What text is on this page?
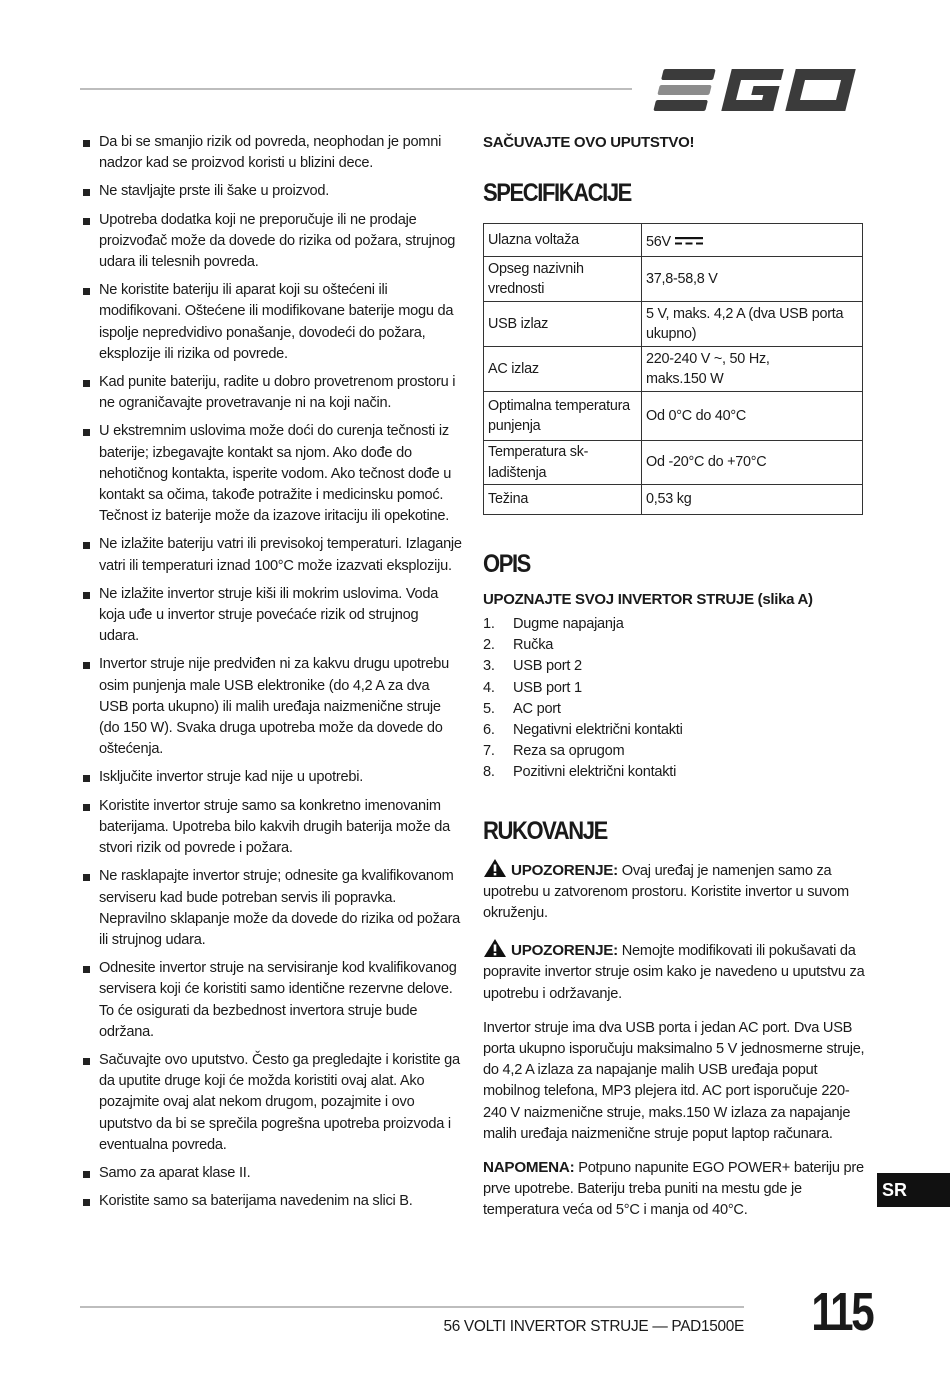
Da bi se smanjio rizik od povreda, neophodan je pomni nadzor kad se proizvod koristi u blizini dece.
Ne stavljajte prste ili šake u proizvod.
Upotreba dodatka koji ne preporučuje ili ne prodaje proizvođač može da dovede do rizika od požara, strujnog udara ili telesnih povreda.
Ne koristite bateriju ili aparat koji su oštećeni ili modifikovani. Oštećene ili modifikovane baterije mogu da ispolje nepredvidivo ponašanje, dovodeći do požara, eksplozije ili rizika od povrede.
Kad punite bateriju, radite u dobro provetrenom prostoru i ne ograničavajte provetravanje ni na koji način.
U ekstremnim uslovima može doći do curenja tečnosti iz baterije; izbegavajte kontakt sa njom. Ako dođe do nehotičnog kontakta, isperite vodom. Ako tečnost dođe u kontakt sa očima, takođe potražite i medicinsku pomoć. Tečnost iz baterije može da izazove iritaciju ili opekotine.
Ne izlažite bateriju vatri ili previsokoj temperaturi. Izlaganje vatri ili temperaturi iznad 100°C može izazvati eksploziju.
Ne izlažite invertor struje kiši ili mokrim uslovima. Voda koja uđe u invertor struje povećaće rizik od strujnog udara.
Invertor struje nije predviđen ni za kakvu drugu upotrebu osim punjenja male USB elektronike (do 4,2 A za dva USB porta ukupno) ili malih uređaja naizmenične struje (do 150 W). Svaka druga upotreba može da dovede do oštećenja.
Isključite invertor struje kad nije u upotrebi.
Koristite invertor struje samo sa konkretno imenovanim baterijama. Upotreba bilo kakvih drugih baterija može da stvori rizik od povrede i požara.
Ne rasklapajte invertor struje; odnesite ga kvalifikovanom serviseru kad bude potreban servis ili popravka. Nepravilno sklapanje može da dovede do rizika od požara ili strujnog udara.
Odnesite invertor struje na servisiranje kod kvalifikovanog servisera koji će koristiti samo identične rezervne delove. To će osigurati da bezbednost invertora struje bude održana.
Sačuvajte ovo uputstvo. Često ga pregledajte i koristite ga da uputite druge koji će možda koristiti ovaj alat. Ako pozajmite ovaj alat nekom drugom, pozajmite i ovo uputstvo da bi se sprečila pogrešna upotreba proizvoda i eventualna povreda.
Samo za aparat klase II.
Koristite samo sa baterijama navedenim na slici B.

SAČUVAJTE OVO UPUTSTVO!

SPECIFIKACIJE
Ulazna voltaža	56V

Opseg nazivnih
vrednosti	37,8-58,8 V

USB izlaz	5 V, maks. 4,2 A (dva USB porta
ukupno)

AC izlaz	220-240 V ~, 50 Hz,
maks.150 W

Optimalna temperatura
punjenja	Od 0°C do 40°C

Temperatura sk-
ladištenja	Od -20°C do +70°C

Težina	0,53 kg
OPIS

UPOZNAJTE SVOJ INVERTOR STRUJE (slika A)

1.	Dugme napajanja
2.	Ručka
3.	USB port 2
4.	USB port 1
5.	AC port
6.	Negativni električni kontakti
7.	Reza sa oprugom
8.	Pozitivni električni kontakti
RUKOVANJE

UPOZORENJE: Ovaj uređaj je namenjen samo za upotrebu u zatvorenom prostoru. Koristite invertor u suvom okruženju.

UPOZORENJE: Nemojte modifikovati ili pokušavati da popravite invertor struje osim kako je navedeno u uputstvu za upotrebu i održavanje.

Invertor struje ima dva USB porta i jedan AC port. Dva USB porta ukupno isporučuju maksimalno 5 V jednosmerne struje, do 4,2 A izlaza za napajanje malih USB uređaja poput mobilnog telefona, MP3 plejera itd. AC port isporučuje 220-240 V naizmenične struje, maks.150 W izlaza za napajanje malih uređaja naizmenične struje poput laptop računara.

NAPOMENA: Potpuno napunite EGO POWER+ bateriju pre prve upotrebe. Bateriju treba puniti na mestu gde je temperatura veća od 5°C i manja od 40°C.

SR
56 VOLTI INVERTOR STRUJE — PAD1500E 115
